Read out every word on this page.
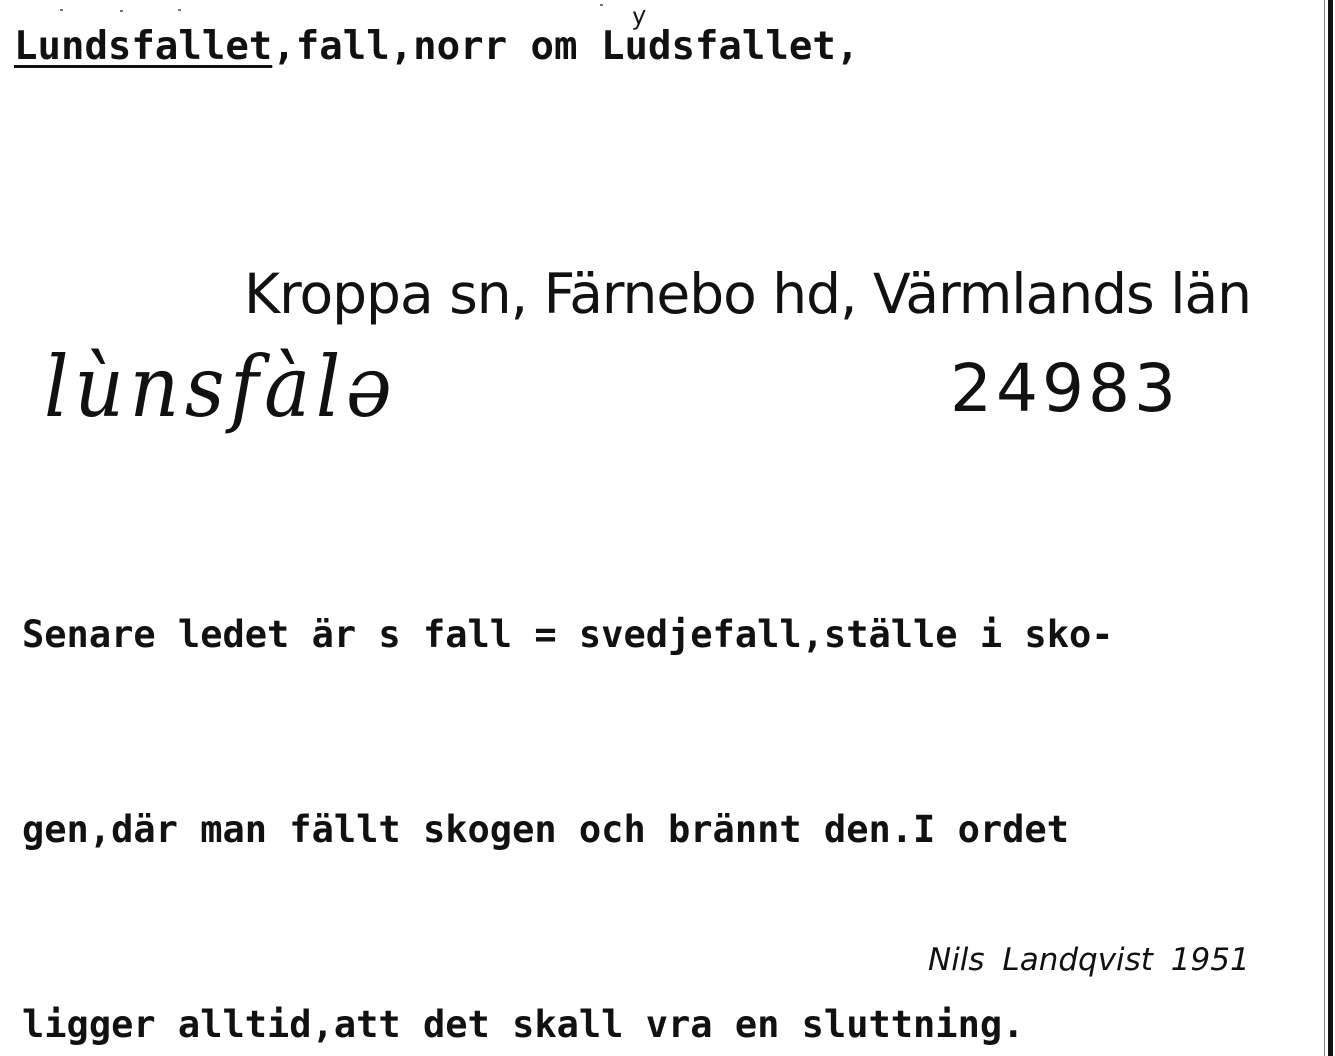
Lundsfallet,fall,norr om Lu
y
dsfallet,
Kroppa sn, Färnebo hd, Värmlands län
lùnsfàlə	24983

Senare ledet är s fall = svedjefall,ställe i sko-

gen,där man fällt skogen och brännt den.I ordet

ligger alltid,att det skall vra en sluttning.

Nils Landqvist 1951
